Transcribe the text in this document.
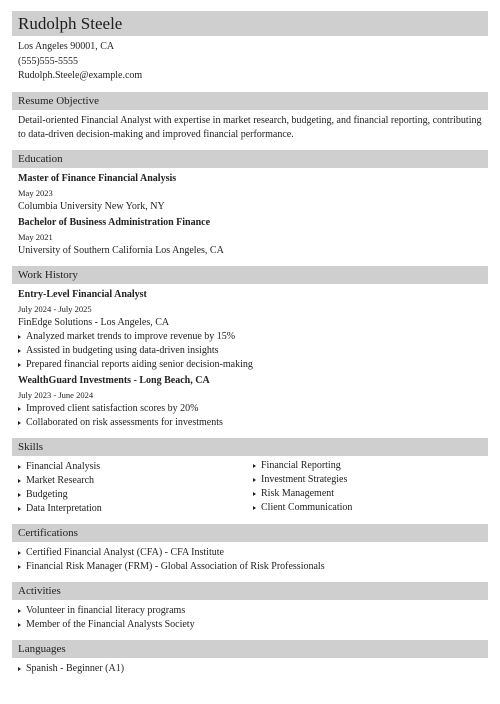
Rudolph Steele
Los Angeles 90001, CA
(555)555-5555
Rudolph.Steele@example.com
Resume Objective
Detail-oriented Financial Analyst with expertise in market research, budgeting, and financial reporting, contributing to data-driven decision-making and improved financial performance.
Education
Master of Finance Financial Analysis
May 2023
Columbia University New York, NY
Bachelor of Business Administration Finance
May 2021
University of Southern California Los Angeles, CA
Work History
Entry-Level Financial Analyst
July 2024 - July 2025
FinEdge Solutions - Los Angeles, CA
Analyzed market trends to improve revenue by 15%
Assisted in budgeting using data-driven insights
Prepared financial reports aiding senior decision-making
WealthGuard Investments - Long Beach, CA
July 2023 - June 2024
Improved client satisfaction scores by 20%
Collaborated on risk assessments for investments
Skills
Financial Analysis
Market Research
Budgeting
Data Interpretation
Financial Reporting
Investment Strategies
Risk Management
Client Communication
Certifications
Certified Financial Analyst (CFA) - CFA Institute
Financial Risk Manager (FRM) - Global Association of Risk Professionals
Activities
Volunteer in financial literacy programs
Member of the Financial Analysts Society
Languages
Spanish - Beginner (A1)
